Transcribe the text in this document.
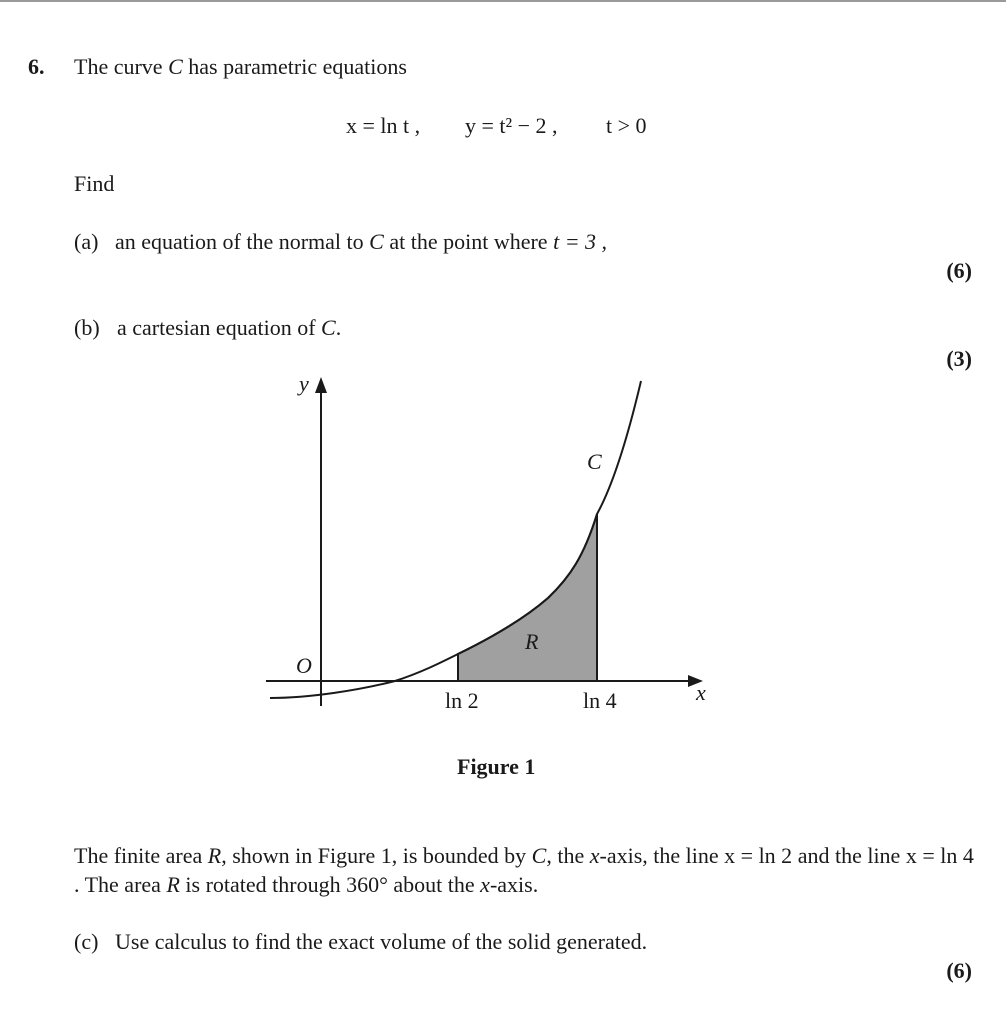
6. The curve C has parametric equations
x = ln t , y = t² − 2 , t > 0
Find
(a) an equation of the normal to C at the point where t = 3 ,
(6)
(b) a cartesian equation of C.
(3)
y
O
C
R
ln 2	ln 4	x
Figure 1
The finite area R, shown in Figure 1, is bounded by C, the x-axis, the line x = ln 2 and the line x = ln 4 . The area R is rotated through 360° about the x-axis.
(c) Use calculus to find the exact volume of the solid generated.
(6)
